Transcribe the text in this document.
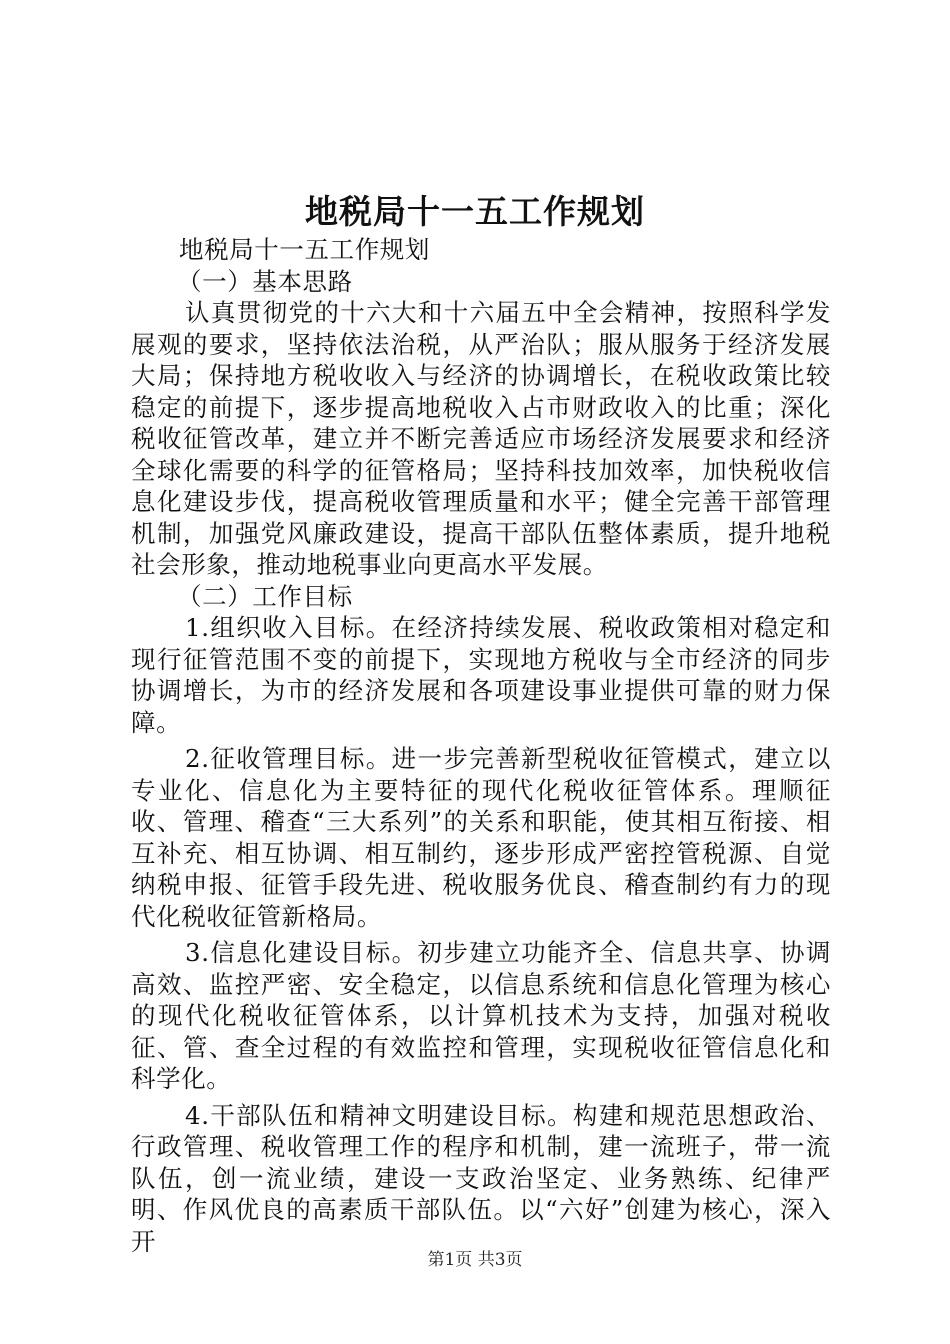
地税局十一五工作规划

地税局十一五工作规划

（一）基本思路

认真贯彻党的十六大和十六届五中全会精神，按照科学发展观的要求，坚持依法治税，从严治队；服从服务于经济发展大局；保持地方税收收入与经济的协调增长，在税收政策比较稳定的前提下，逐步提高地税收入占市财政收入的比重；深化税收征管改革，建立并不断完善适应市场经济发展要求和经济全球化需要的科学的征管格局；坚持科技加效率，加快税收信息化建设步伐，提高税收管理质量和水平；健全完善干部管理机制，加强党风廉政建设，提高干部队伍整体素质，提升地税社会形象，推动地税事业向更高水平发展。

（二）工作目标

1.组织收入目标。在经济持续发展、税收政策相对稳定和现行征管范围不变的前提下，实现地方税收与全市经济的同步协调增长，为市的经济发展和各项建设事业提供可靠的财力保障。

2.征收管理目标。进一步完善新型税收征管模式，建立以专业化、信息化为主要特征的现代化税收征管体系。理顺征收、管理、稽查“三大系列”的关系和职能，使其相互衔接、相互补充、相互协调、相互制约，逐步形成严密控管税源、自觉纳税申报、征管手段先进、税收服务优良、稽查制约有力的现代化税收征管新格局。

3.信息化建设目标。初步建立功能齐全、信息共享、协调高效、监控严密、安全稳定，以信息系统和信息化管理为核心的现代化税收征管体系，以计算机技术为支持，加强对税收征、管、查全过程的有效监控和管理，实现税收征管信息化和科学化。

4.干部队伍和精神文明建设目标。构建和规范思想政治、行政管理、税收管理工作的程序和机制，建一流班子，带一流队伍，创一流业绩，建设一支政治坚定、业务熟练、纪律严明、作风优良的高素质干部队伍。以“六好”创建为核心，深入开

第1页 共3页
